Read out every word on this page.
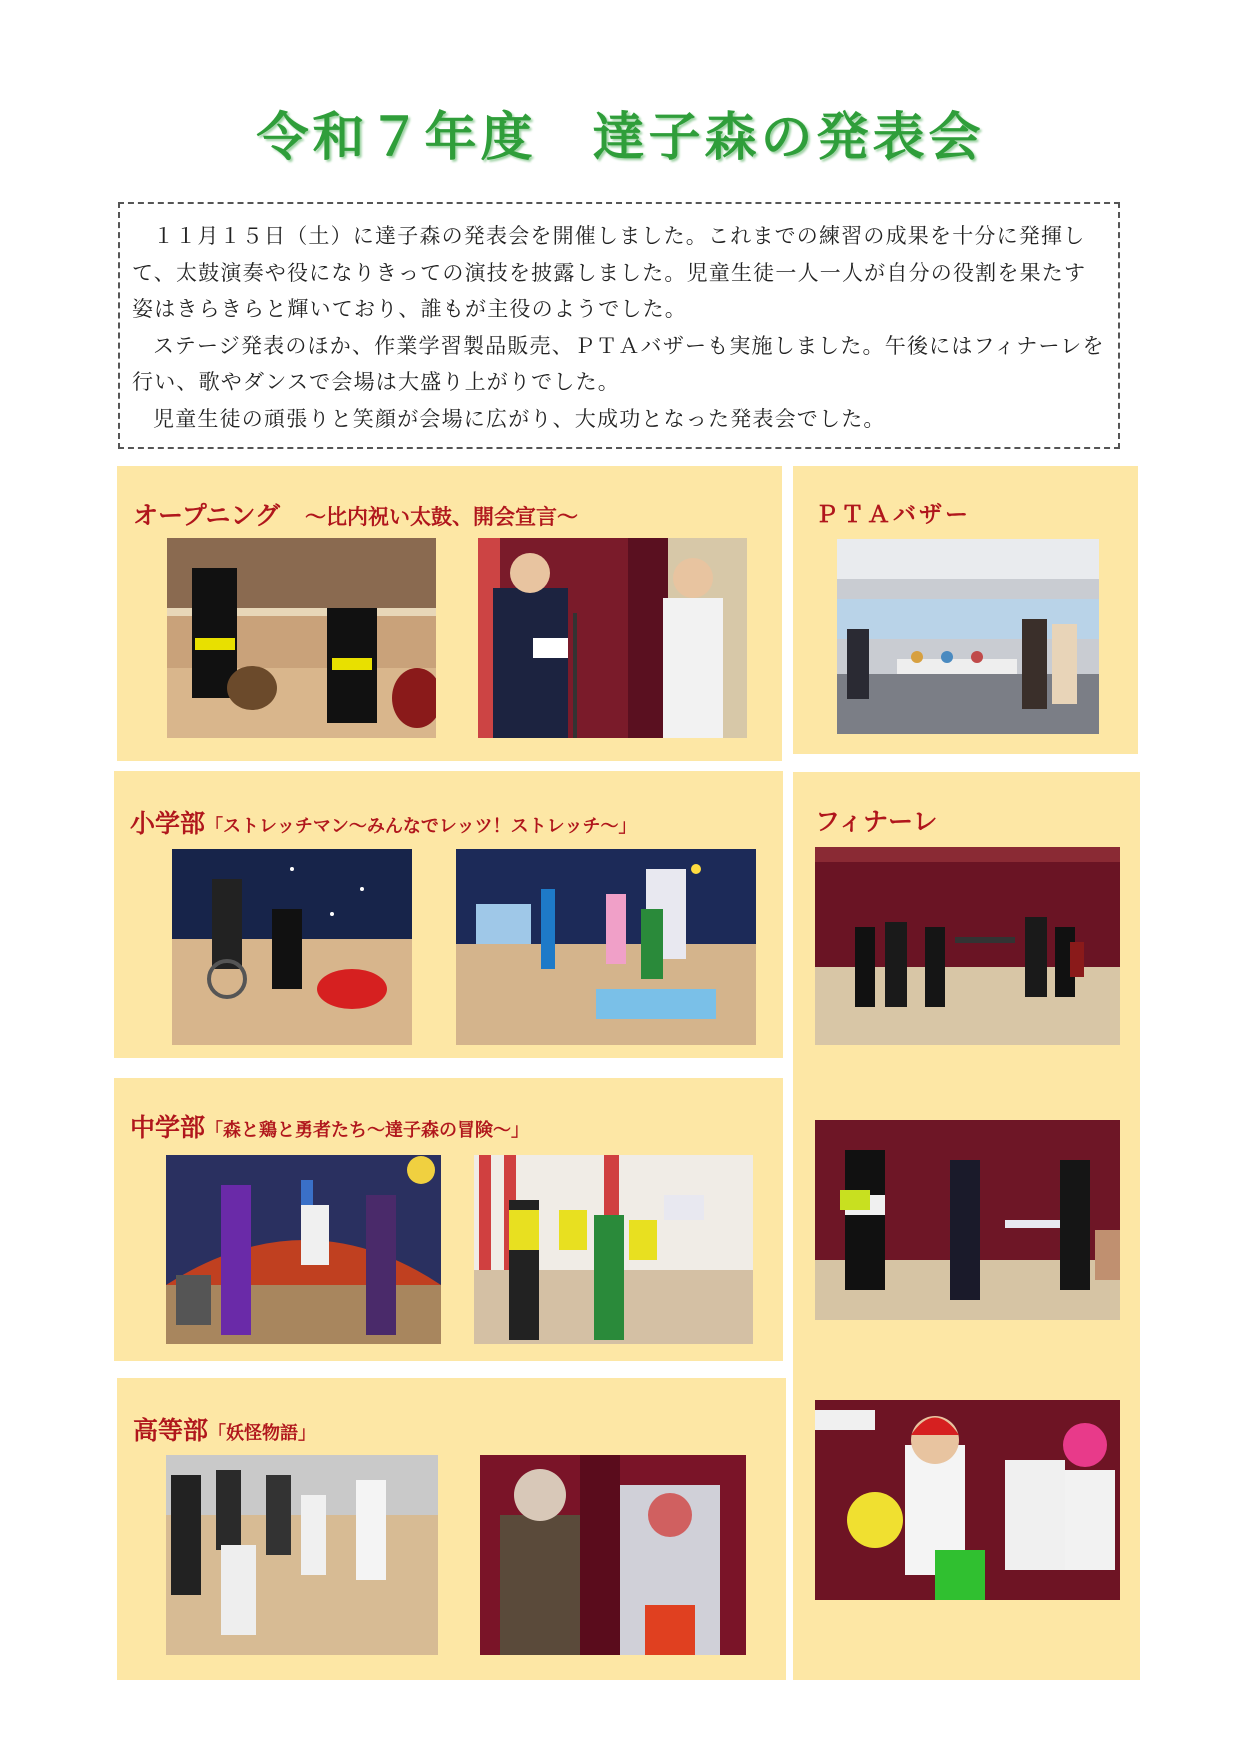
令和７年度　達子森の発表会

１１月１５日（土）に達子森の発表会を開催しました。これまでの練習の成果を十分に発揮して、太鼓演奏や役になりきっての演技を披露しました。児童生徒一人一人が自分の役割を果たす姿はきらきらと輝いており、誰もが主役のようでした。

ステージ発表のほか、作業学習製品販売、ＰＴＡバザーも実施しました。午後にはフィナーレを行い、歌やダンスで会場は大盛り上がりでした。

児童生徒の頑張りと笑顔が会場に広がり、大成功となった発表会でした。

オープニング　 ～比内祝い太鼓、開会宣言～	ＰＴＡバザー
小学部「ストレッチマン～みんなでレッツ！ストレッチ～」
中学部「森と鶏と勇者たち～達子森の冒険～」
高等部「妖怪物語」
フィナーレ
